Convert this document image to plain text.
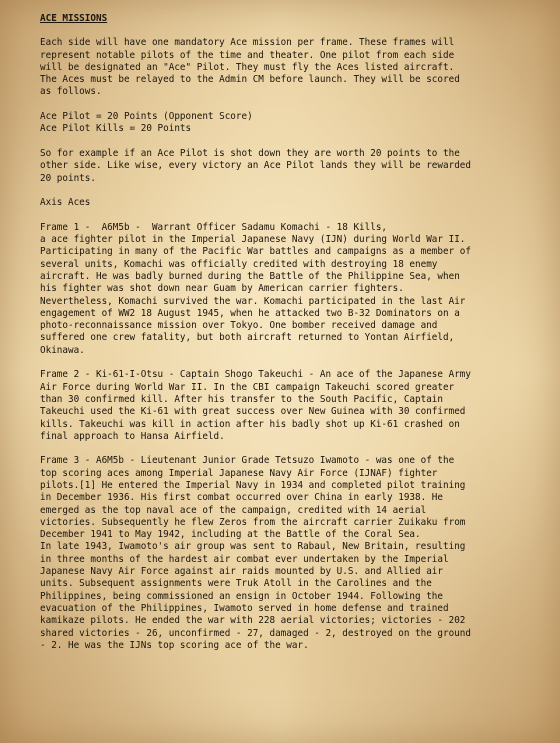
ACE MISSIONS
Each side will have one mandatory Ace mission per frame. These frames will
represent notable pilots of the time and theater. One pilot from each side
will be designated an "Ace" Pilot. They must fly the Aces listed aircraft.
The Aces must be relayed to the Admin CM before launch. They will be scored
as follows.
Ace Pilot = 20 Points (Opponent Score)
Ace Pilot Kills = 20 Points
So for example if an Ace Pilot is shot down they are worth 20 points to the
other side. Like wise, every victory an Ace Pilot lands they will be rewarded
20 points.
Axis Aces
Frame 1 -  A6M5b -  Warrant Officer Sadamu Komachi - 18 Kills,
a ace fighter pilot in the Imperial Japanese Navy (IJN) during World War II.
Participating in many of the Pacific War battles and campaigns as a member of
several units, Komachi was officially credited with destroying 18 enemy
aircraft. He was badly burned during the Battle of the Philippine Sea, when
his fighter was shot down near Guam by American carrier fighters.
Nevertheless, Komachi survived the war. Komachi participated in the last Air
engagement of WW2 18 August 1945, when he attacked two B-32 Dominators on a
photo-reconnaissance mission over Tokyo. One bomber received damage and
suffered one crew fatality, but both aircraft returned to Yontan Airfield,
Okinawa.
Frame 2 - Ki-61-I-Otsu - Captain Shogo Takeuchi - An ace of the Japanese Army
Air Force during World War II. In the CBI campaign Takeuchi scored greater
than 30 confirmed kill. After his transfer to the South Pacific, Captain
Takeuchi used the Ki-61 with great success over New Guinea with 30 confirmed
kills. Takeuchi was kill in action after his badly shot up Ki-61 crashed on
final approach to Hansa Airfield.
Frame 3 - A6M5b - Lieutenant Junior Grade Tetsuzo Iwamoto - was one of the
top scoring aces among Imperial Japanese Navy Air Force (IJNAF) fighter
pilots.[1] He entered the Imperial Navy in 1934 and completed pilot training
in December 1936. His first combat occurred over China in early 1938. He
emerged as the top naval ace of the campaign, credited with 14 aerial
victories. Subsequently he flew Zeros from the aircraft carrier Zuikaku from
December 1941 to May 1942, including at the Battle of the Coral Sea.
In late 1943, Iwamoto's air group was sent to Rabaul, New Britain, resulting
in three months of the hardest air combat ever undertaken by the Imperial
Japanese Navy Air Force against air raids mounted by U.S. and Allied air
units. Subsequent assignments were Truk Atoll in the Carolines and the
Philippines, being commissioned an ensign in October 1944. Following the
evacuation of the Philippines, Iwamoto served in home defense and trained
kamikaze pilots. He ended the war with 228 aerial victories; victories - 202
shared victories - 26, unconfirmed - 27, damaged - 2, destroyed on the ground
- 2. He was the IJNs top scoring ace of the war.
